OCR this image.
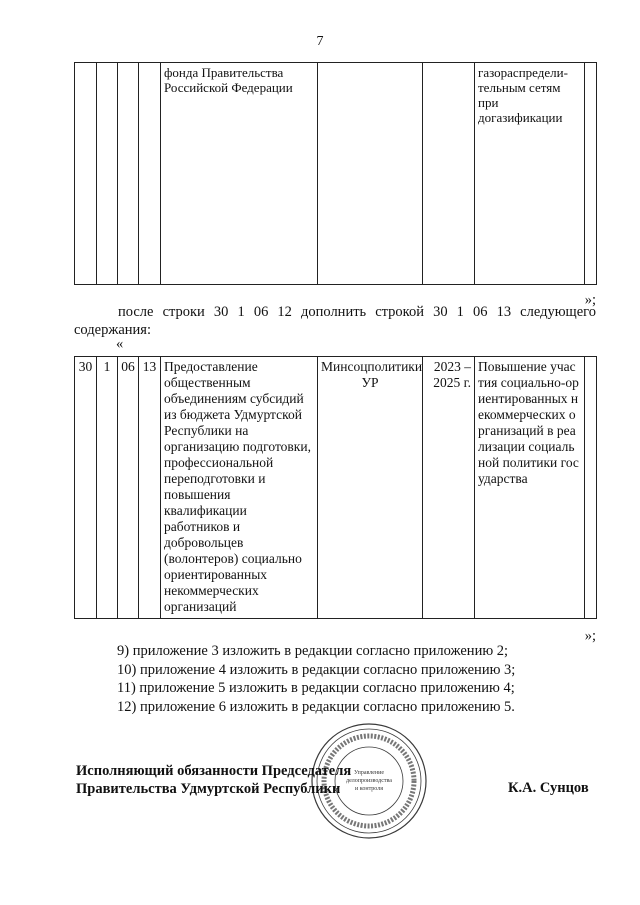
7
				фонда Правительства Российской Федерации			газораспредели-тельным сетям при догазификации	
»;
после строки 30 1 06 12 дополнить строкой 30 1 06 13 следующего содержания:
«
30	1	06	13	Предоставление общественным объединениям субсидий из бюджета Удмуртской Республики на организацию подготовки, профессиональной переподготовки и повышения квалификации работников и добровольцев (волонтеров) социально ориентированных некоммерческих организаций	Минсоцполитики УР	2023 – 2025 г.	Повышение участия социально-ориентированных некоммерческих организаций в реализации социальной политики государства	
»;
9) приложение 3 изложить в редакции согласно приложению 2;
10) приложение 4 изложить в редакции согласно приложению 3;
11) приложение 5 изложить в редакции согласно приложению 4;
12) приложение 6 изложить в редакции согласно приложению 5.
Управление
делопроизводства
и контроля
Исполняющий обязанности Председателя
Правительства Удмуртской Республики	К.А. Сунцов
